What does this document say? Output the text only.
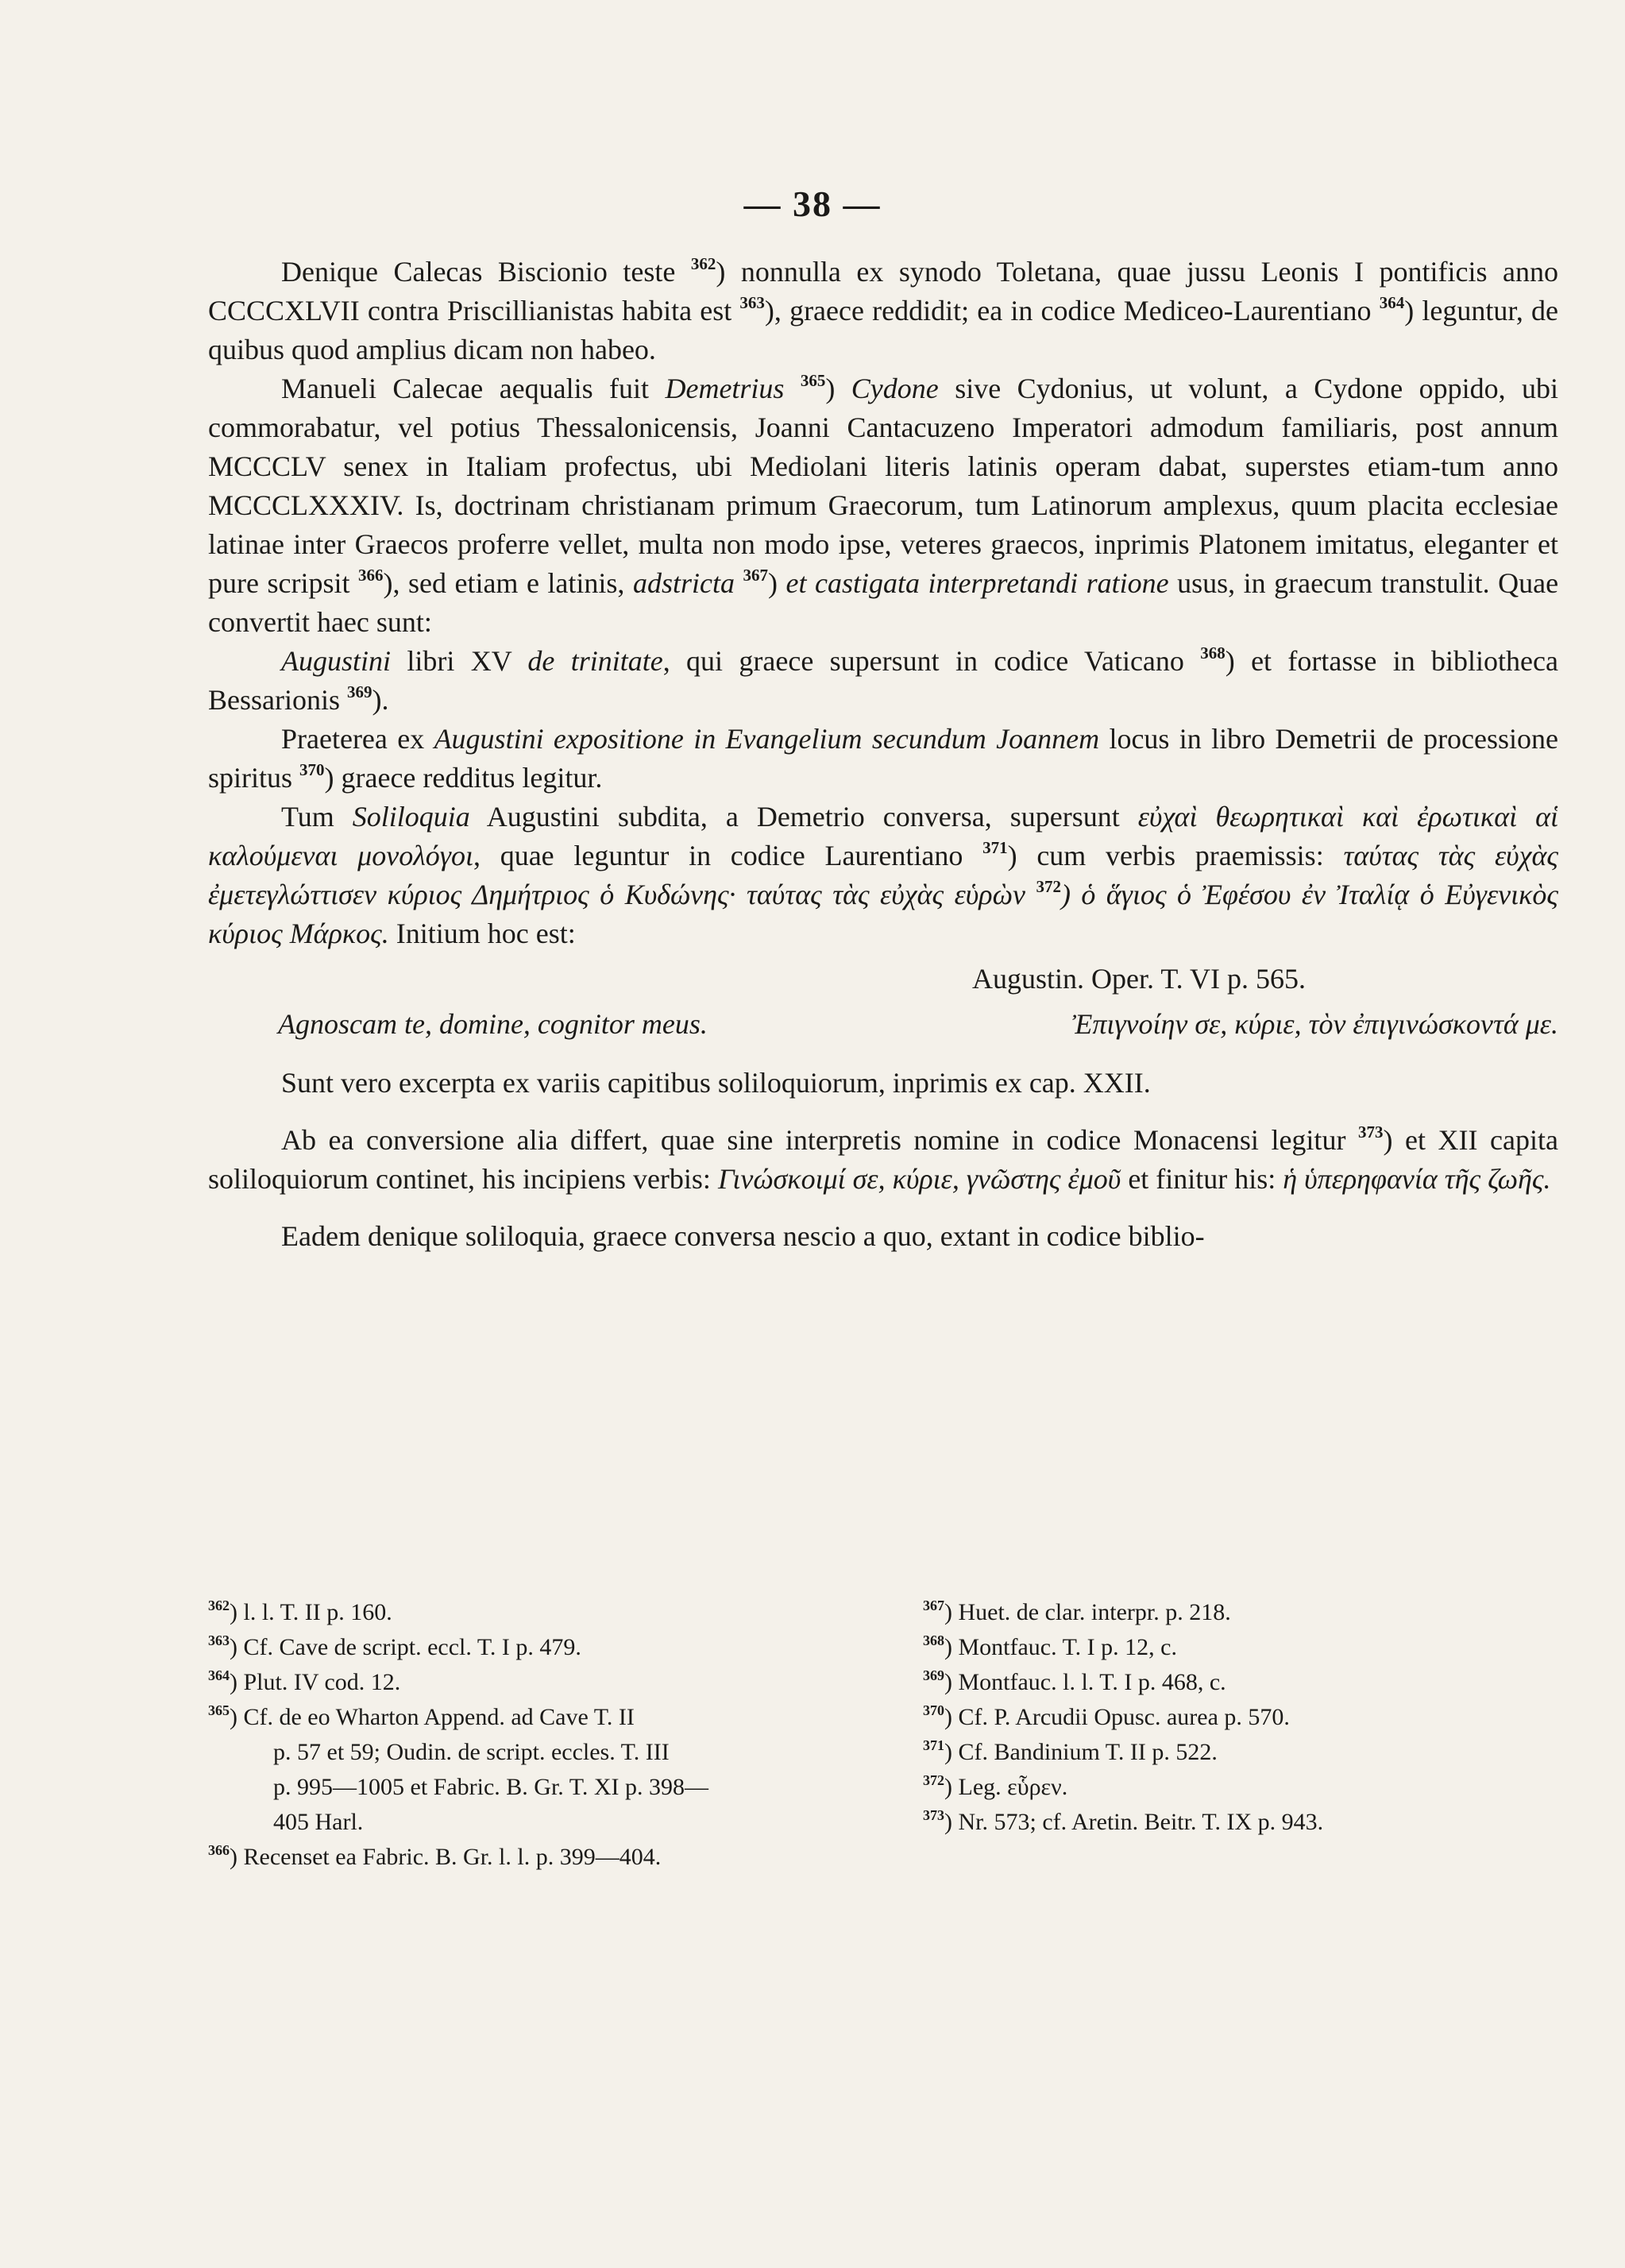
— 38 —

Denique Calecas Biscionio teste $^{362}$) nonnulla ex synodo Toletana, quae jussu Leonis I pontificis anno CCCCXLVII contra Priscillianistas habita est $^{363}$), graece reddidit; ea in codice Mediceo-Laurentiano $^{364}$) leguntur, de quibus quod amplius dicam non habeo.

Manueli Calecae aequalis fuit Demetrius $^{365}$) Cydone sive Cydonius, ut volunt, a Cydone oppido, ubi commorabatur, vel potius Thessalonicensis, Joanni Cantacuzeno Imperatori admodum familiaris, post annum MCCCLV senex in Italiam profectus, ubi Mediolani literis latinis operam dabat, superstes etiam-tum anno MCCCLXXXIV. Is, doctrinam christianam primum Graecorum, tum Latinorum amplexus, quum placita ecclesiae latinae inter Graecos proferre vellet, multa non modo ipse, veteres graecos, inprimis Platonem imitatus, eleganter et pure scripsit $^{366}$), sed etiam e latinis, adstricta $^{367}$) et castigata interpretandi ratione usus, in graecum transtulit. Quae convertit haec sunt:

Augustini libri XV de trinitate, qui graece supersunt in codice Vaticano $^{368}$) et fortasse in bibliotheca Bessarionis $^{369}$).

Praeterea ex Augustini expositione in Evangelium secundum Joannem locus in libro Demetrii de processione spiritus $^{370}$) graece redditus legitur.

Tum Soliloquia Augustini subdita, a Demetrio conversa, supersunt εὐχαὶ θεωρητικαὶ καὶ ἐρωτικαὶ αἱ καλούμεναι μονολόγοι, quae leguntur in codice Laurentiano $^{371}$) cum verbis praemissis: ταύτας τὰς εὐχὰς ἐμετεγλώττισεν κύριος Δημήτριος ὁ Κυδώνης· ταύτας τὰς εὐχὰς εὑρὼν $^{372}$) ὁ ἅγιος ὁ Ἐφέσου ἐν Ἰταλίᾳ ὁ Εὐγενικὸς κύριος Μάρκος. Initium hoc est:

Augustin. Oper. T. VI p. 565.
Agnoscam te, domine, cognitor meus.	Ἐπιγνοίην σε, κύριε, τὸν ἐπιγινώσκοντά με.

Sunt vero excerpta ex variis capitibus soliloquiorum, inprimis ex cap. XXII.

Ab ea conversione alia differt, quae sine interpretis nomine in codice Monacensi legitur $^{373}$) et XII capita soliloquiorum continet, his incipiens verbis: Γινώσκοιμί σε, κύριε, γνῶστης ἐμοῦ et finitur his: ἡ ὑπερηφανία τῆς ζωῆς.

Eadem denique soliloquia, graece conversa nescio a quo, extant in codice biblio-

$^{362}$) l. l. T. II p. 160.
$^{363}$) Cf. Cave de script. eccl. T. I p. 479.
$^{364}$) Plut. IV cod. 12.
$^{365}$) Cf. de eo Wharton Append. ad Cave T. II
p. 57 et 59; Oudin. de script. eccles. T. III
p. 995—1005 et Fabric. B. Gr. T. XI p. 398—
405 Harl.
$^{366}$) Recenset ea Fabric. B. Gr. l. l. p. 399—404.
$^{367}$) Huet. de clar. interpr. p. 218.
$^{368}$) Montfauc. T. I p. 12, c.
$^{369}$) Montfauc. l. l. T. I p. 468, c.
$^{370}$) Cf. P. Arcudii Opusc. aurea p. 570.
$^{371}$) Cf. Bandinium T. II p. 522.
$^{372}$) Leg. εὗρεν.
$^{373}$) Nr. 573; cf. Aretin. Beitr. T. IX p. 943.
